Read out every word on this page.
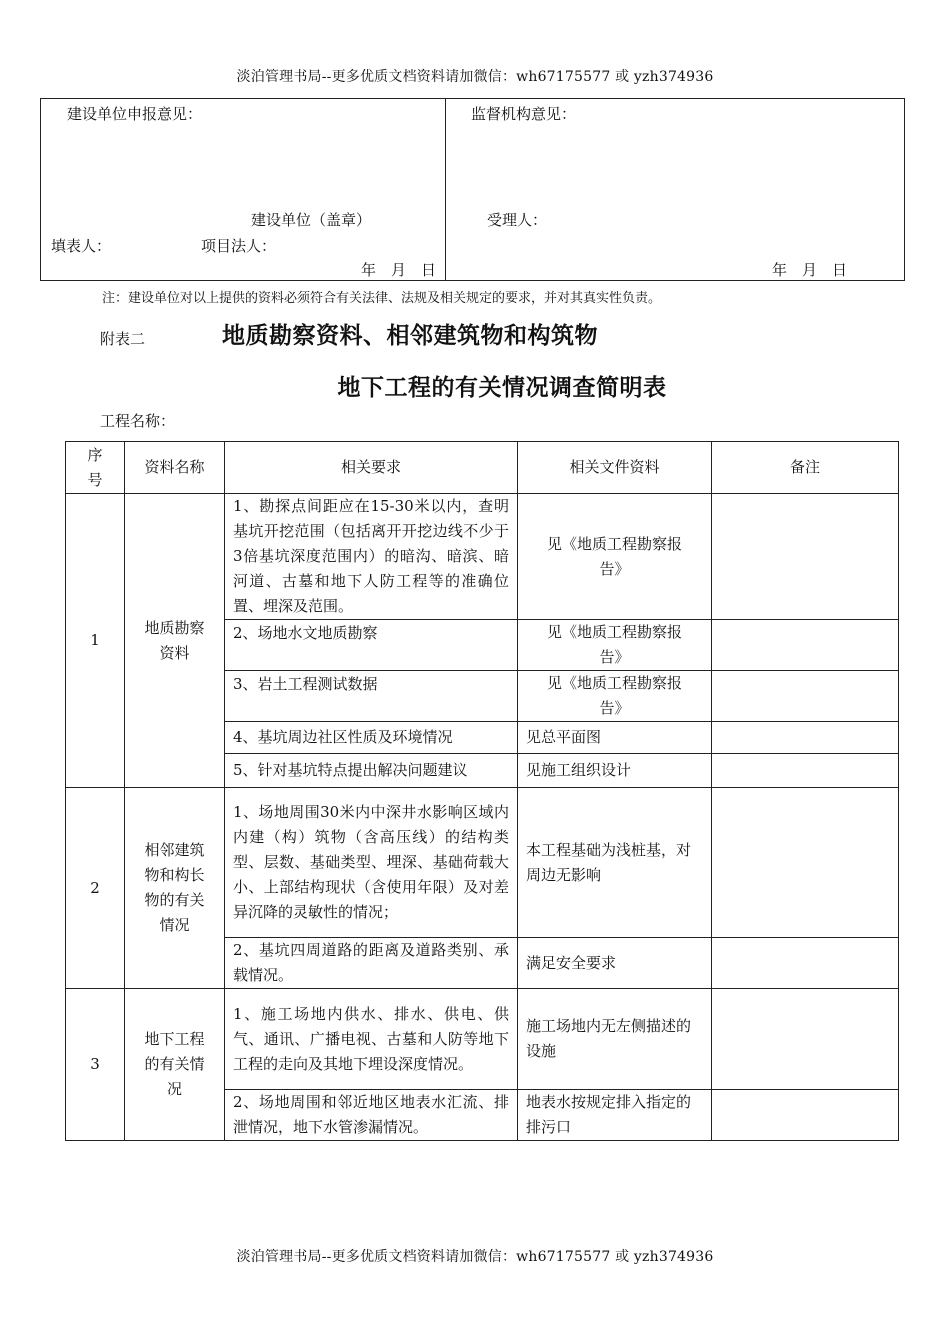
淡泊管理书局--更多优质文档资料请加微信：wh67175577 或 yzh374936
建设单位申报意见：
建设单位（盖章）
填表人：	项目法人：
年　月　日
监督机构意见：
受理人：
年　月　日
注：建设单位对以上提供的资料必须符合有关法律、法规及相关规定的要求，并对其真实性负责。
附表二	地质勘察资料、相邻建筑物和构筑物
地下工程的有关情况调查简明表
工程名称：
序号	资料名称	相关要求	相关文件资料	备注
1	地质勘察资料	1、勘探点间距应在15-30米以内，查明基坑开挖范围（包括离开开挖边线不少于3倍基坑深度范围内）的暗沟、暗滨、暗河道、古墓和地下人防工程等的准确位置、埋深及范围。	见《地质工程勘察报告》	
		2、场地水文地质勘察	见《地质工程勘察报告》	
		3、岩土工程测试数据	见《地质工程勘察报告》	
		4、基坑周边社区性质及环境情况	见总平面图	
		5、针对基坑特点提出解决问题建议	见施工组织设计	
2	相邻建筑物和构长物的有关情况	1、场地周围30米内中深井水影响区域内内建（构）筑物（含高压线）的结构类型、层数、基础类型、埋深、基础荷载大小、上部结构现状（含使用年限）及对差异沉降的灵敏性的情况；	本工程基础为浅桩基，对周边无影响	
		2、基坑四周道路的距离及道路类别、承载情况。	满足安全要求	
3	地下工程的有关情况	1、施工场地内供水、排水、供电、供气、通讯、广播电视、古墓和人防等地下工程的走向及其地下埋设深度情况。	施工场地内无左侧描述的设施	
		2、场地周围和邻近地区地表水汇流、排泄情况，地下水管渗漏情况。	地表水按规定排入指定的排污口	
淡泊管理书局--更多优质文档资料请加微信：wh67175577 或 yzh374936
